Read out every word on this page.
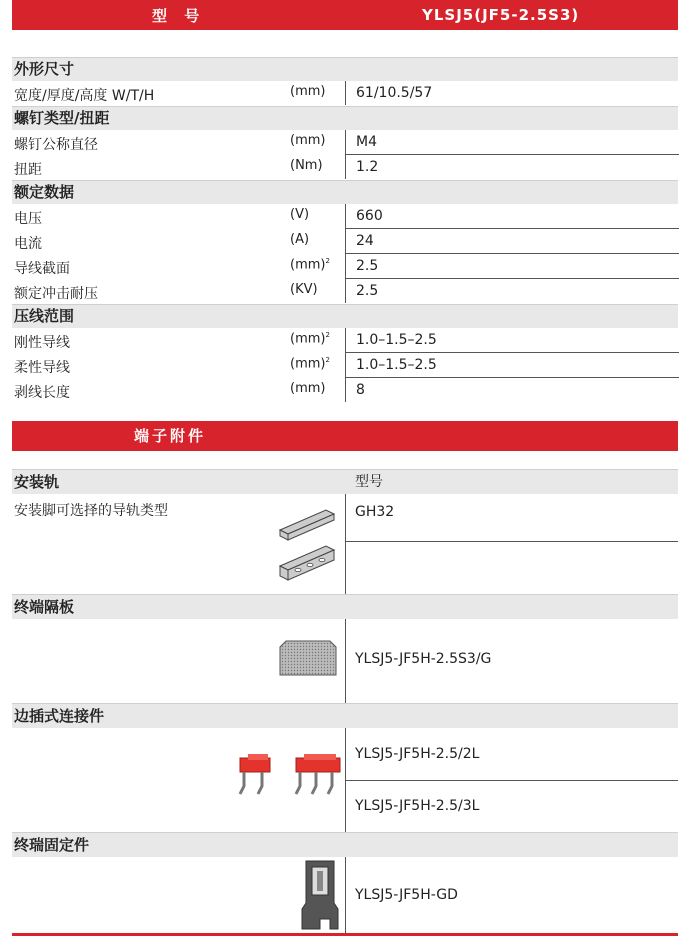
型 号	YLSJ5(JF5-2.5S3)
外形尺寸
宽度/厚度/高度 W/T/H	(mm) 61/10.5/57
螺钉类型/扭距
螺钉公称直径	(mm) M4
扭距	(Nm) 1.2
额定数据
电压	(V)	660
电流	(A)	24
导线截面	(mm)$^2$ 2.5
额定冲击耐压	(KV)	2.5
压线范围
刚性导线	(mm)$^2$ 1.0–1.5–2.5
柔性导线	(mm)$^2$ 1.0–1.5–2.5
剥线长度	(mm) 8
端子附件
安装轨	型号
安装脚可选择的导轨类型	GH32
终端隔板
YLSJ5-JF5H-2.5S3/G
边插式连接件
YLSJ5-JF5H-2.5/2L
YLSJ5-JF5H-2.5/3L
终瑞固定件
YLSJ5-JF5H-GD
